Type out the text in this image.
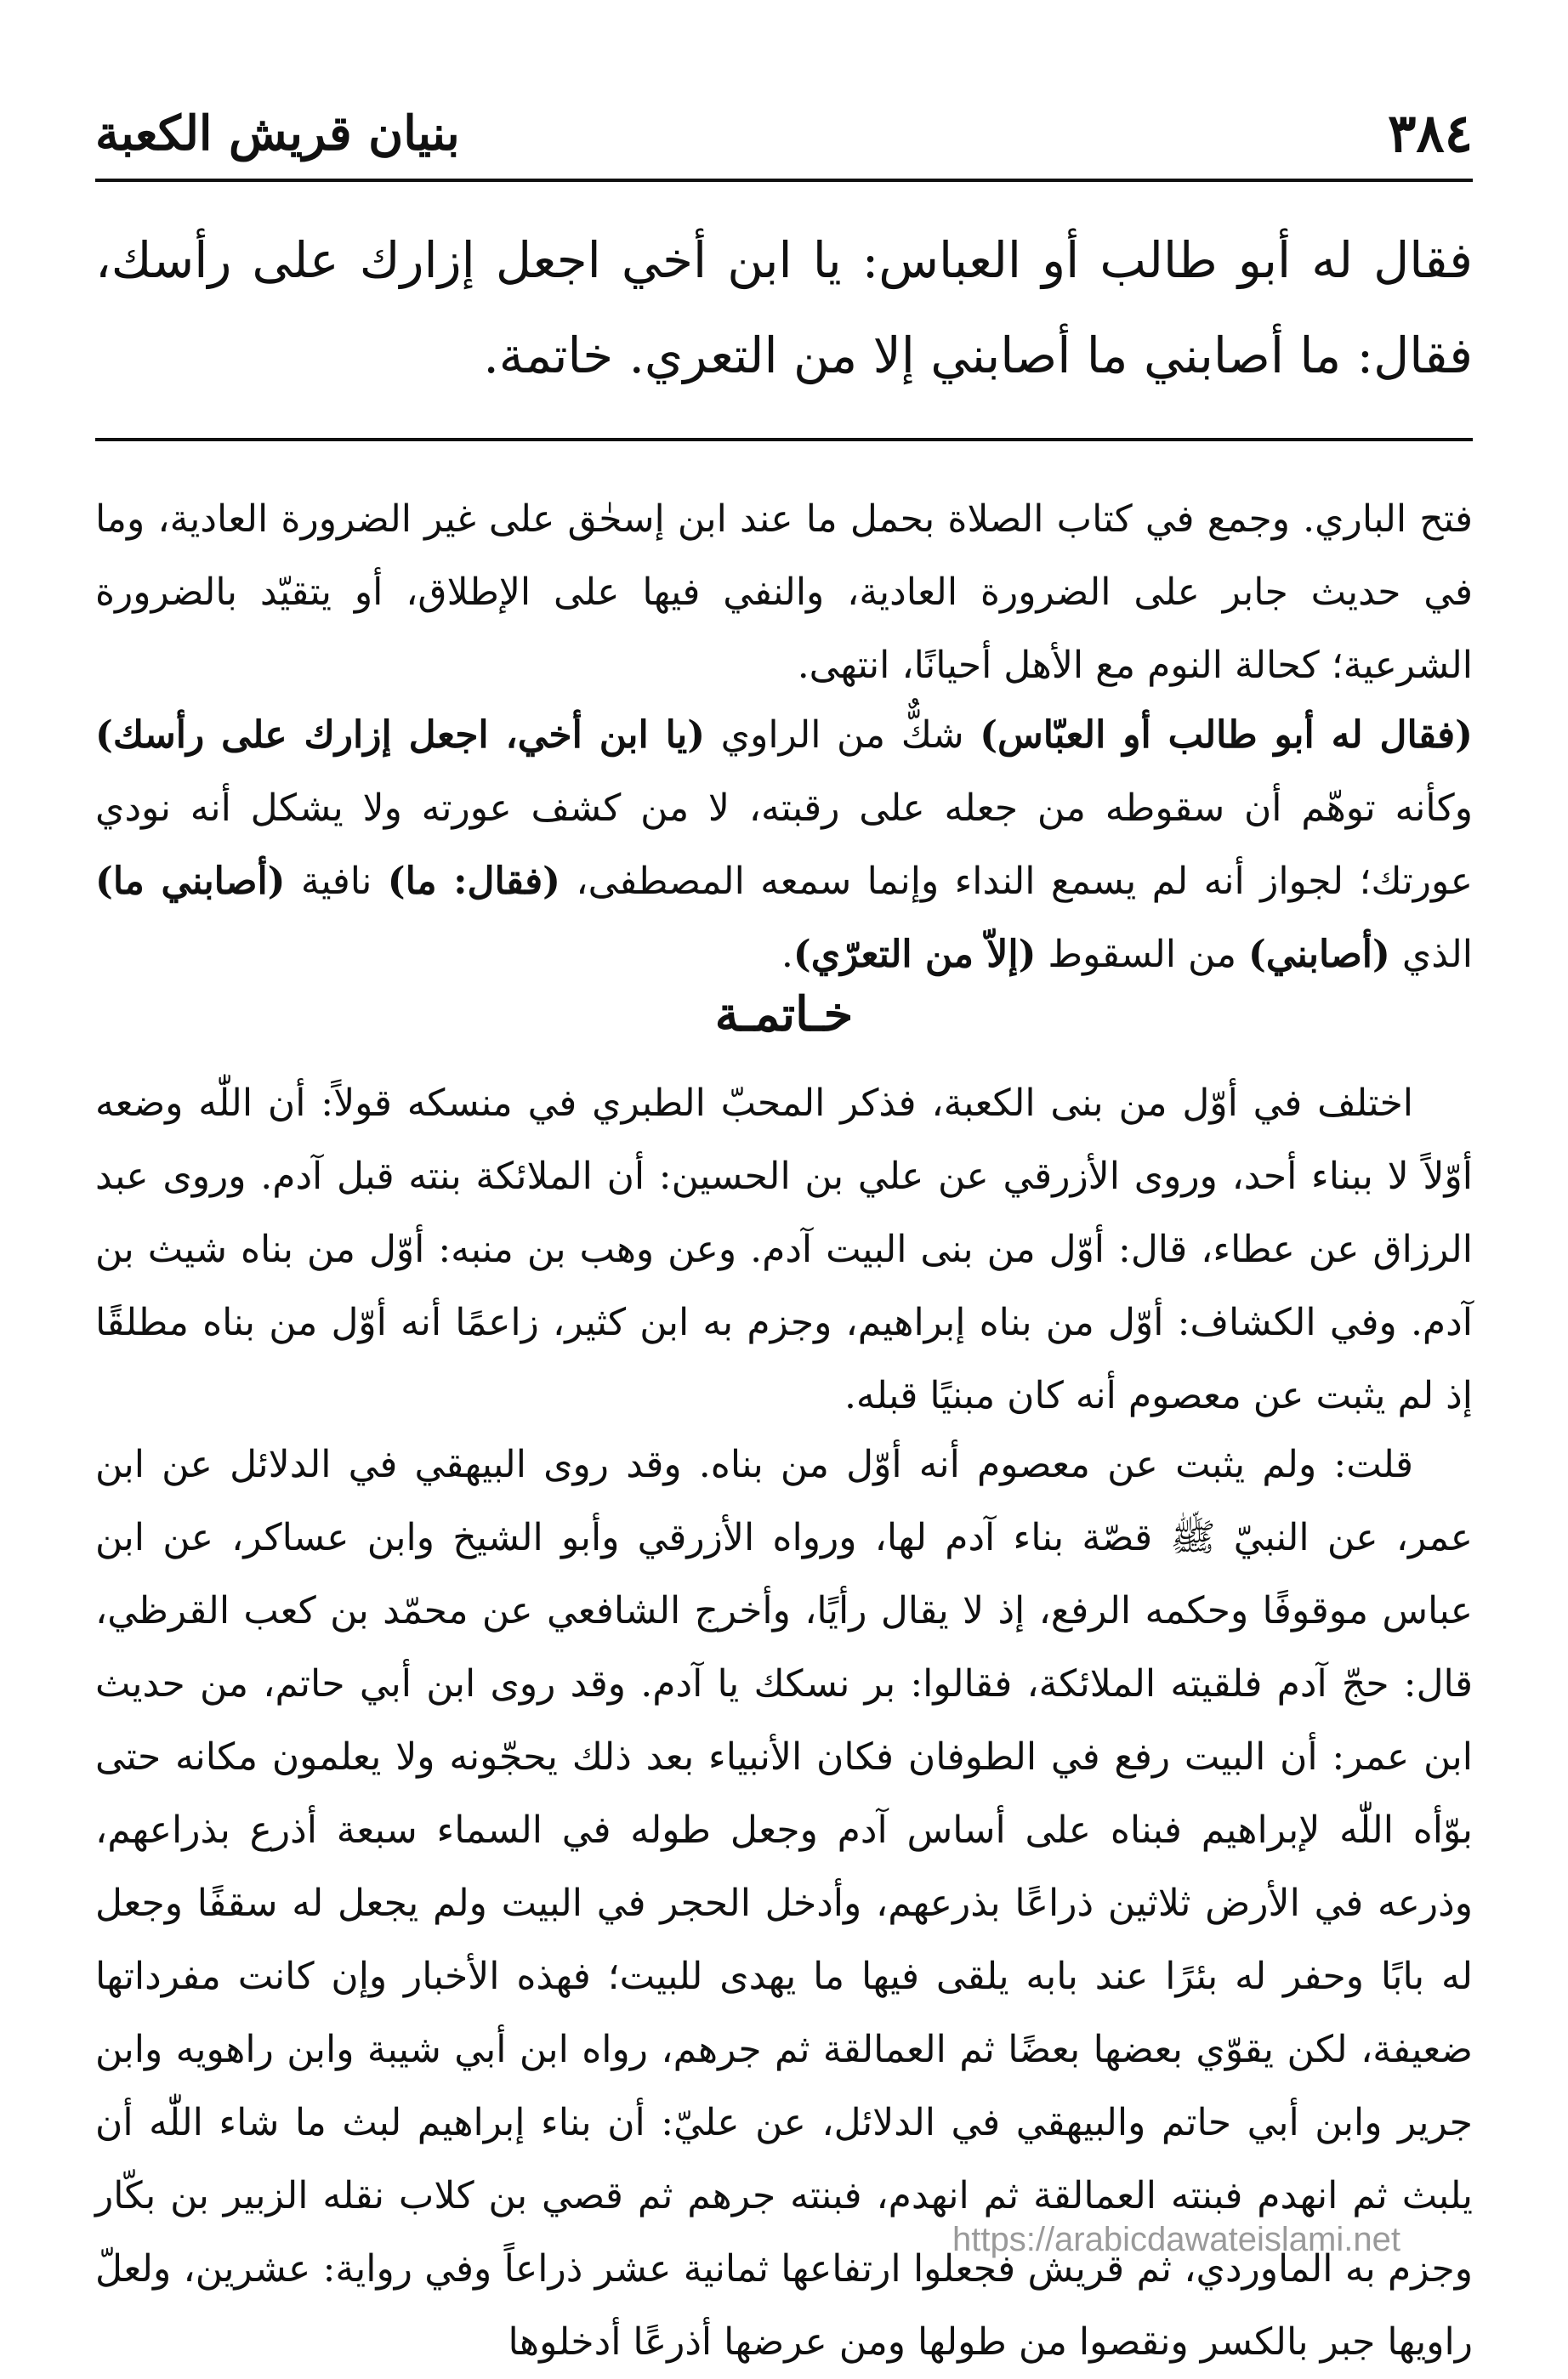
٣٨٤
بنيان قريش الكعبة
فقال له أبو طالب أو العباس: يا ابن أخي اجعل إزارك على رأسك، فقال: ما أصابني ما أصابني إلا من التعري. خاتمة.

فتح الباري. وجمع في كتاب الصلاة بحمل ما عند ابن إسحٰق على غير الضرورة العادية، وما في حديث جابر على الضرورة العادية، والنفي فيها على الإطلاق، أو يتقيّد بالضرورة الشرعية؛ كحالة النوم مع الأهل أحيانًا، انتهى.

(فقال له أبو طالب أو العبّاس) شكٌّ من الراوي (يا ابن أخي، اجعل إزارك على رأسك) وكأنه توهّم أن سقوطه من جعله على رقبته، لا من كشف عورته ولا يشكل أنه نودي عورتك؛ لجواز أنه لم يسمع النداء وإنما سمعه المصطفى، (فقال: ما) نافية (أصابني ما) الذي (أصابني) من السقوط (إلاّ من التعرّي).

خـاتمـة

اختلف في أوّل من بنى الكعبة، فذكر المحبّ الطبري في منسكه قولاً: أن اللّٰه وضعه أوّلاً لا ببناء أحد، وروى الأزرقي عن علي بن الحسين: أن الملائكة بنته قبل آدم. وروى عبد الرزاق عن عطاء، قال: أوّل من بنى البيت آدم. وعن وهب بن منبه: أوّل من بناه شيث بن آدم. وفي الكشاف: أوّل من بناه إبراهيم، وجزم به ابن كثير، زاعمًا أنه أوّل من بناه مطلقًا إذ لم يثبت عن معصوم أنه كان مبنيًا قبله.

قلت: ولم يثبت عن معصوم أنه أوّل من بناه. وقد روى البيهقي في الدلائل عن ابن عمر، عن النبيّ ﷺ قصّة بناء آدم لها، ورواه الأزرقي وأبو الشيخ وابن عساكر، عن ابن عباس موقوفًا وحكمه الرفع، إذ لا يقال رأيًا، وأخرج الشافعي عن محمّد بن كعب القرظي، قال: حجّ آدم فلقيته الملائكة، فقالوا: بر نسكك يا آدم. وقد روى ابن أبي حاتم، من حديث ابن عمر: أن البيت رفع في الطوفان فكان الأنبياء بعد ذلك يحجّونه ولا يعلمون مكانه حتى بوّأه اللّٰه لإبراهيم فبناه على أساس آدم وجعل طوله في السماء سبعة أذرع بذراعهم، وذرعه في الأرض ثلاثين ذراعًا بذرعهم، وأدخل الحجر في البيت ولم يجعل له سقفًا وجعل له بابًا وحفر له بئرًا عند بابه يلقى فيها ما يهدى للبيت؛ فهذه الأخبار وإن كانت مفرداتها ضعيفة، لكن يقوّي بعضها بعضًا ثم العمالقة ثم جرهم، رواه ابن أبي شيبة وابن راهويه وابن جرير وابن أبي حاتم والبيهقي في الدلائل، عن عليّ: أن بناء إبراهيم لبث ما شاء اللّٰه أن يلبث ثم انهدم فبنته العمالقة ثم انهدم، فبنته جرهم ثم قصي بن كلاب نقله الزبير بن بكّار وجزم به الماوردي، ثم قريش فجعلوا ارتفاعها ثمانية عشر ذراعاً وفي رواية: عشرين، ولعلّ راويها جبر بالكسر ونقصوا من طولها ومن عرضها أذرعًا أدخلوها

https://arabicdawateislami.net
